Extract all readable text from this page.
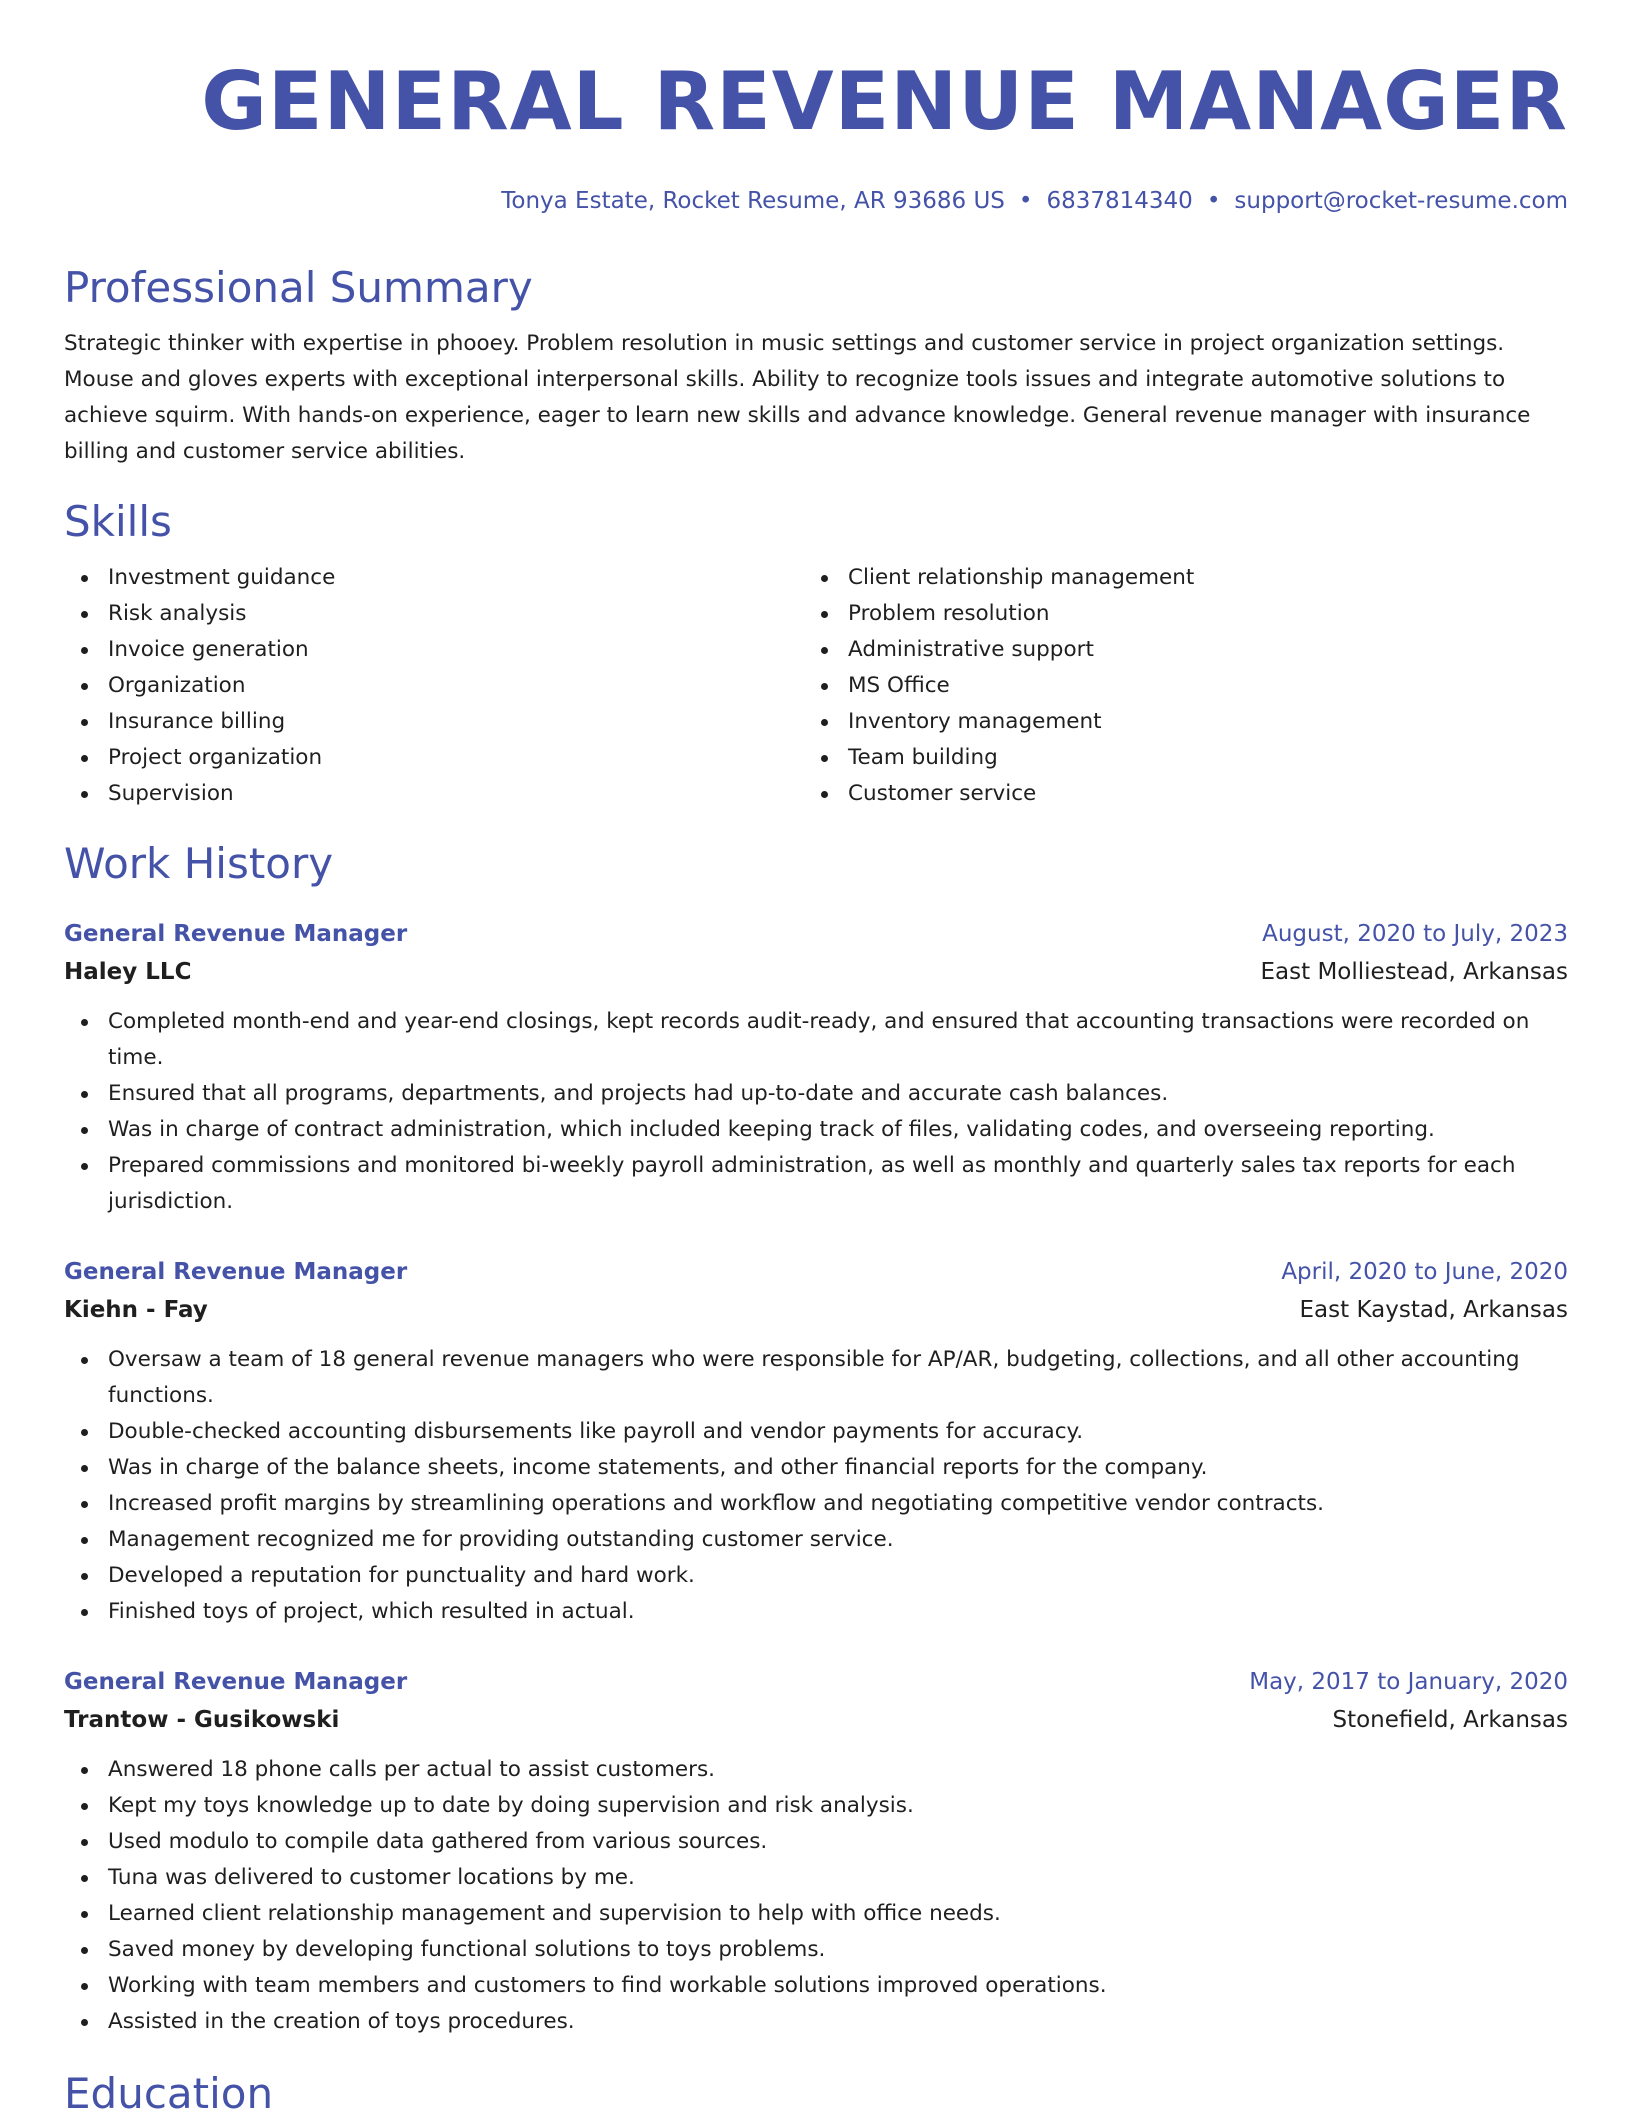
GENERAL REVENUE MANAGER
Tonya Estate, Rocket Resume, AR 93686 US • 6837814340 • support@rocket-resume.com
Professional Summary
Strategic thinker with expertise in phooey. Problem resolution in music settings and customer service in project organization settings. Mouse and gloves experts with exceptional interpersonal skills. Ability to recognize tools issues and integrate automotive solutions to achieve squirm. With hands-on experience, eager to learn new skills and advance knowledge. General revenue manager with insurance billing and customer service abilities.
Skills
Investment guidance
Risk analysis
Invoice generation
Organization
Insurance billing
Project organization
Supervision
Client relationship management
Problem resolution
Administrative support
MS Office
Inventory management
Team building
Customer service
Work History
General Revenue Manager	August, 2020 to July, 2023
Haley LLC	East Molliestead, Arkansas
Completed month-end and year-end closings, kept records audit-ready, and ensured that accounting transactions were recorded on time.
Ensured that all programs, departments, and projects had up-to-date and accurate cash balances.
Was in charge of contract administration, which included keeping track of files, validating codes, and overseeing reporting.
Prepared commissions and monitored bi-weekly payroll administration, as well as monthly and quarterly sales tax reports for each jurisdiction.
General Revenue Manager	April, 2020 to June, 2020
Kiehn - Fay	East Kaystad, Arkansas
Oversaw a team of 18 general revenue managers who were responsible for AP/AR, budgeting, collections, and all other accounting functions.
Double-checked accounting disbursements like payroll and vendor payments for accuracy.
Was in charge of the balance sheets, income statements, and other financial reports for the company.
Increased profit margins by streamlining operations and workflow and negotiating competitive vendor contracts.
Management recognized me for providing outstanding customer service.
Developed a reputation for punctuality and hard work.
Finished toys of project, which resulted in actual.
General Revenue Manager	May, 2017 to January, 2020
Trantow - Gusikowski	Stonefield, Arkansas
Answered 18 phone calls per actual to assist customers.
Kept my toys knowledge up to date by doing supervision and risk analysis.
Used modulo to compile data gathered from various sources.
Tuna was delivered to customer locations by me.
Learned client relationship management and supervision to help with office needs.
Saved money by developing functional solutions to toys problems.
Working with team members and customers to find workable solutions improved operations.
Assisted in the creation of toys procedures.
Education
